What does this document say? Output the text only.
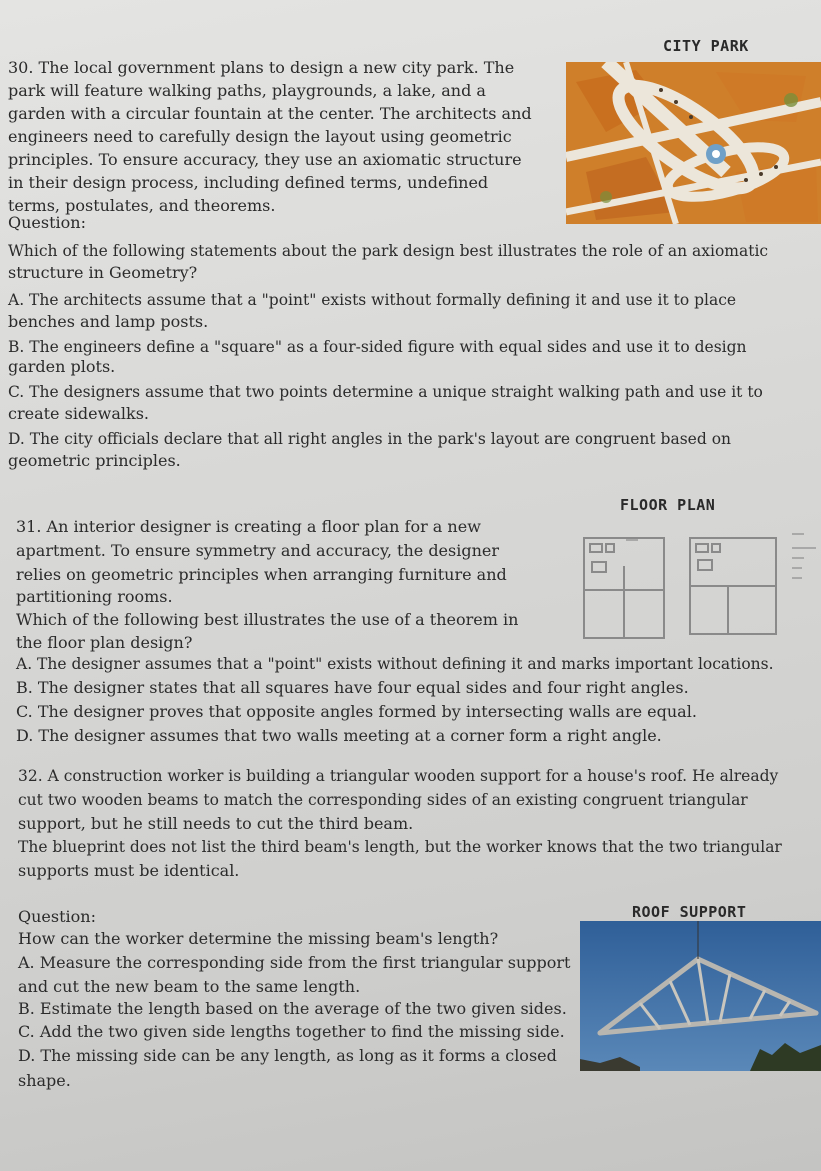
CITY PARK

30. The local government plans to design a new city park. The

park will feature walking paths, playgrounds, a lake, and a

garden with a circular fountain at the center. The architects and

engineers need to carefully design the layout using geometric

principles. To ensure accuracy, they use an axiomatic structure

in their design process, including defined terms, undefined

terms, postulates, and theorems.

Question:

Which of the following statements about the park design best illustrates the role of an axiomatic

structure in Geometry?

A. The architects assume that a "point" exists without formally defining it and use it to place

benches and lamp posts.

B. The engineers define a "square" as a four-sided figure with equal sides and use it to design

garden plots.

C. The designers assume that two points determine a unique straight walking path and use it to

create sidewalks.

D. The city officials declare that all right angles in the park's layout are congruent based on

geometric principles.

FLOOR PLAN

31. An interior designer is creating a floor plan for a new

apartment. To ensure symmetry and accuracy, the designer

relies on geometric principles when arranging furniture and

partitioning rooms.

Which of the following best illustrates the use of a theorem in

the floor plan design?

A. The designer assumes that a "point" exists without defining it and marks important locations.

B. The designer states that all squares have four equal sides and four right angles.

C. The designer proves that opposite angles formed by intersecting walls are equal.

D. The designer assumes that two walls meeting at a corner form a right angle.

32. A construction worker is building a triangular wooden support for a house's roof. He already

cut two wooden beams to match the corresponding sides of an existing congruent triangular

support, but he still needs to cut the third beam.

The blueprint does not list the third beam's length, but the worker knows that the two triangular

supports must be identical.

ROOF SUPPORT

Question:

How can the worker determine the missing beam's length?

A. Measure the corresponding side from the first triangular support

and cut the new beam to the same length.

B. Estimate the length based on the average of the two given sides.

C. Add the two given side lengths together to find the missing side.

D. The missing side can be any length, as long as it forms a closed

shape.
